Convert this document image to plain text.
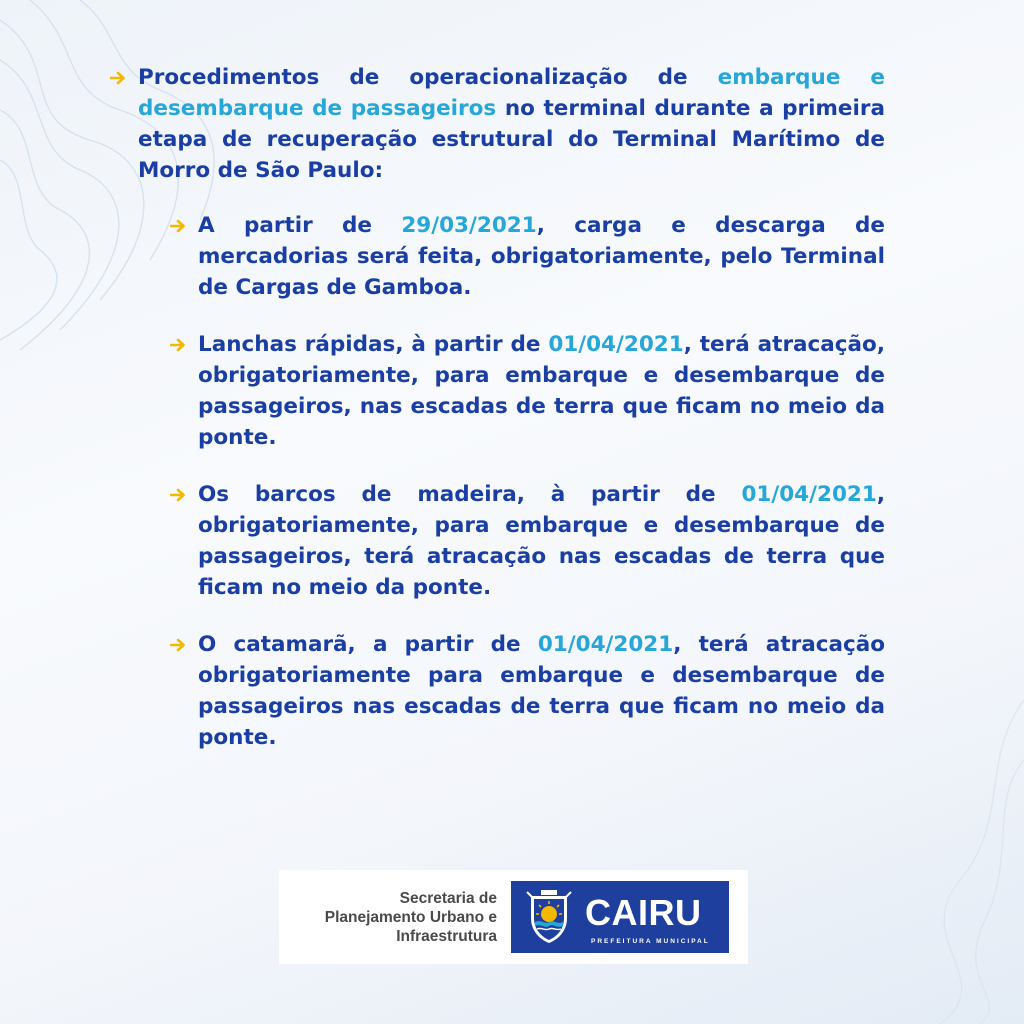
Procedimentos de operacionalização de embarque e desembarque de passageiros no terminal durante a primeira etapa de recuperação estrutural do Terminal Marítimo de Morro de São Paulo:

A partir de 29/03/2021, carga e descarga de mercadorias será feita, obrigatoriamente, pelo Terminal de Cargas de Gamboa.

Lanchas rápidas, à partir de 01/04/2021, terá atracação, obrigatoriamente, para embarque e desembarque de passageiros, nas escadas de terra que ficam no meio da ponte.

Os barcos de madeira, à partir de 01/04/2021, obrigatoriamente, para embarque e desembarque de passageiros, terá atracação nas escadas de terra que ficam no meio da ponte.

O catamarã, a partir de 01/04/2021, terá atracação obrigatoriamente para embarque e desembarque de passageiros nas escadas de terra que ficam no meio da ponte.

Secretaria de
Planejamento Urbano e
Infraestrutura
CAIRU
PREFEITURA MUNICIPAL
